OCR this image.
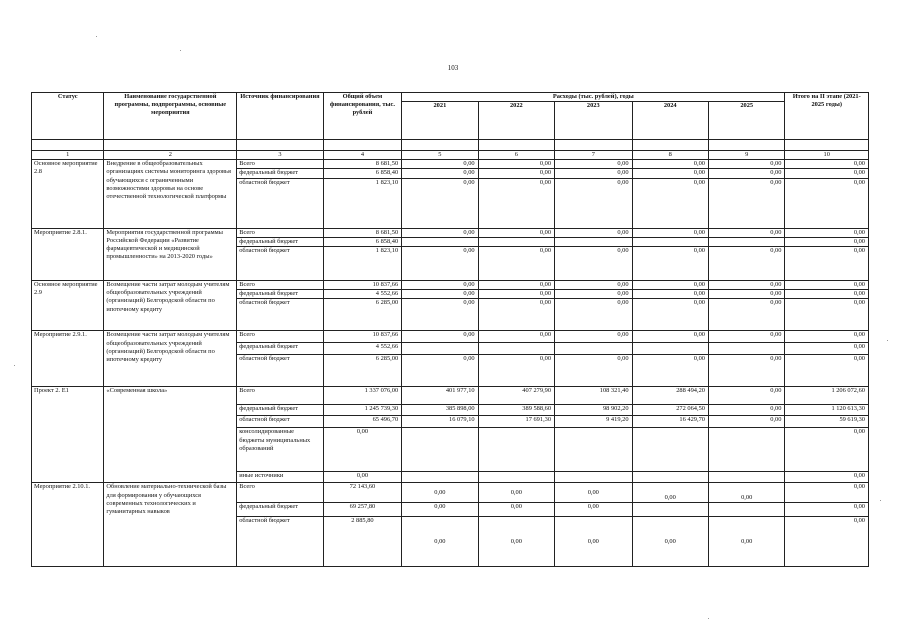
103
Статус	Наименование государственной программы, подпрограммы, основные мероприятия	Источник финансирования	Общий объем финансирования, тыс. рублей	Расходы (тыс. рублей), годы					Итого на II этапе (2021-2025 годы)
				2021	2022	2023	2024	2025	

1	2	3	4	5	6	7	8	9	10
Основное мероприятие 2.8	Внедрение в общеобразовательных организациях системы мониторинга здоровья обучающихся с ограниченными возможностями здоровья на основе отечественной технологической платформы	Всего	8 681,50	0,00	0,00	0,00	0,00	0,00	0,00
		федеральный бюджет	6 858,40	0,00	0,00	0,00	0,00	0,00	0,00
		областной бюджет	1 823,10	0,00	0,00	0,00	0,00	0,00	0,00
Мероприятие 2.8.1.	Мероприятия государственной программы Российской Федерации «Развитие фармацевтической и медицинской промышленности» на 2013-2020 годы»	Всего	8 681,50	0,00	0,00	0,00	0,00	0,00	0,00
		федеральный бюджет	6 858,40						0,00
		областной бюджет	1 823,10	0,00	0,00	0,00	0,00	0,00	0,00
Основное мероприятие 2.9	Возмещение части затрат молодым учителям общеобразовательных учреждений (организаций) Белгородской области по ипотечному кредиту	Всего	10 837,66	0,00	0,00	0,00	0,00	0,00	0,00
		федеральный бюджет	4 552,66	0,00	0,00	0,00	0,00	0,00	0,00
		областной бюджет	6 285,00	0,00	0,00	0,00	0,00	0,00	0,00
Мероприятие 2.9.1.	Возмещение части затрат молодым учителям общеобразовательных учреждений (организаций) Белгородской области по ипотечному кредиту	Всего	10 837,66	0,00	0,00	0,00	0,00	0,00	0,00
		федеральный бюджет	4 552,66						0,00
		областной бюджет	6 285,00	0,00	0,00	0,00	0,00	0,00	0,00
Проект 2. Е1	«Современная школа»	Всего	1 337 076,00	401 977,10	407 279,90	108 321,40	288 494,20	0,00	1 206 072,60
		федеральный бюджет	1 245 739,30	385 898,00	389 588,60	98 902,20	272 064,50	0,00	1 120 613,30
		областной бюджет	65 496,70	16 079,10	17 691,30	9 419,20	16 429,70	0,00	59 619,30
		консолидированные бюджеты муниципальных образований	0,00						0,00
		иные источники	0,00						0,00
Мероприятие 2.10.1.	Обновление материально-технической базы для формирования у обучающихся современных технологических и гуманитарных навыков	Всего	72 143,60	0,00	0,00	0,00	0,00	0,00	0,00
		федеральный бюджет	69 257,80	0,00	0,00	0,00			0,00
		областной бюджет	2 885,80	0,00	0,00	0,00	0,00	0,00	0,00
